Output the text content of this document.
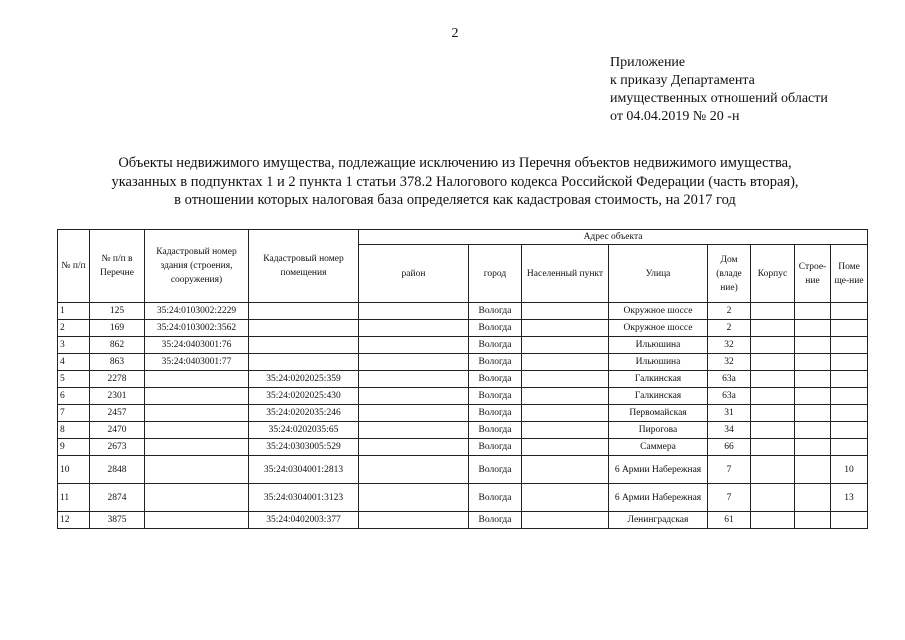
2
Приложение
к приказу Департамента
имущественных отношений области
от 04.04.2019 № 20 -н
Объекты недвижимого имущества, подлежащие исключению из Перечня объектов недвижимого имущества,
указанных в подпунктах 1 и 2 пункта 1 статьи 378.2 Налогового кодекса Российской Федерации (часть вторая),
в отношении которых налоговая база определяется как кадастровая стоимость, на 2017 год
№ п/п	№ п/п в Перечне	Кадастровый номер здания (строения, сооружения)	Кадастровый номер помещения	Адрес объекта							
				район	город	Населенный пункт	Улица	Дом (владе ние)	Корпус	Строе-ние	Поме ще-ние
1	125	35:24:0103002:2229			Вологда		Окружное шоссе	2			
2	169	35:24:0103002:3562			Вологда		Окружное шоссе	2			
3	862	35:24:0403001:76			Вологда		Ильюшина	32			
4	863	35:24:0403001:77			Вологда		Ильюшина	32			
5	2278		35:24:0202025:359		Вологда		Галкинская	63а			
6	2301		35:24:0202025:430		Вологда		Галкинская	63а			
7	2457		35:24:0202035:246		Вологда		Первомайская	31			
8	2470		35:24:0202035:65		Вологда		Пирогова	34			
9	2673		35:24:0303005:529		Вологда		Саммера	66			
10	2848		35:24:0304001:2813		Вологда		6 Армии Набережная	7			10
11	2874		35:24:0304001:3123		Вологда		6 Армии Набережная	7			13
12	3875		35:24:0402003:377		Вологда		Ленинградская	61			
